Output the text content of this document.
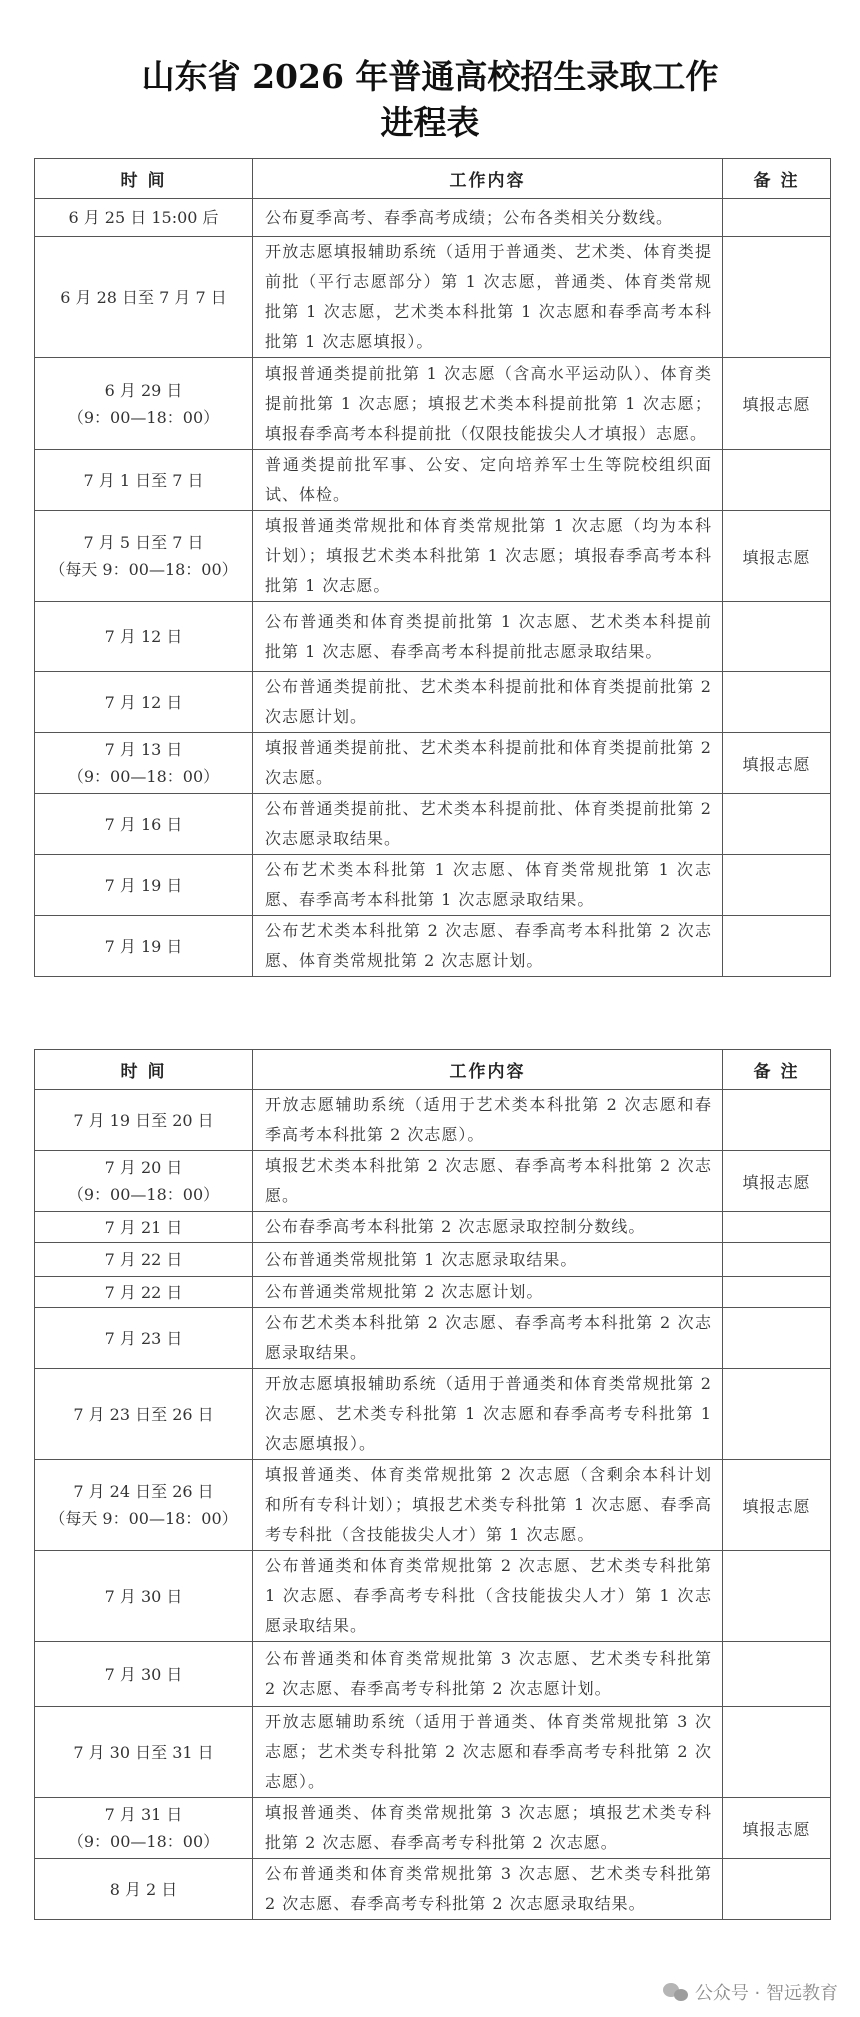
山东省 2026 年普通高校招生录取工作
进程表
时 间	工作内容	备 注

6 月 25 日 15:00 后	公布夏季高考、春季高考成绩；公布各类相关分数线。	

6 月 28 日至 7 月 7 日	开放志愿填报辅助系统（适用于普通类、艺术类、体育类提前批（平行志愿部分）第 1 次志愿，普通类、体育类常规批第 1 次志愿，艺术类本科批第 1 次志愿和春季高考本科批第 1 次志愿填报）。	

6 月 29 日
（9：00—18：00）	填报普通类提前批第 1 次志愿（含高水平运动队）、体育类提前批第 1 次志愿；填报艺术类本科提前批第 1 次志愿；填报春季高考本科提前批（仅限技能拔尖人才填报）志愿。	填报志愿

7 月 1 日至 7 日	普通类提前批军事、公安、定向培养军士生等院校组织面试、体检。	

7 月 5 日至 7 日
（每天 9：00—18：00）	填报普通类常规批和体育类常规批第 1 次志愿（均为本科计划）；填报艺术类本科批第 1 次志愿；填报春季高考本科批第 1 次志愿。	填报志愿

7 月 12 日	公布普通类和体育类提前批第 1 次志愿、艺术类本科提前批第 1 次志愿、春季高考本科提前批志愿录取结果。	

7 月 12 日	公布普通类提前批、艺术类本科提前批和体育类提前批第 2 次志愿计划。	

7 月 13 日
（9：00—18：00）	填报普通类提前批、艺术类本科提前批和体育类提前批第 2 次志愿。	填报志愿

7 月 16 日	公布普通类提前批、艺术类本科提前批、体育类提前批第 2 次志愿录取结果。	

7 月 19 日	公布艺术类本科批第 1 次志愿、体育类常规批第 1 次志愿、春季高考本科批第 1 次志愿录取结果。	

7 月 19 日	公布艺术类本科批第 2 次志愿、春季高考本科批第 2 次志愿、体育类常规批第 2 次志愿计划。	
时 间	工作内容	备 注

7 月 19 日至 20 日	开放志愿辅助系统（适用于艺术类本科批第 2 次志愿和春季高考本科批第 2 次志愿）。	

7 月 20 日
（9：00—18：00）	填报艺术类本科批第 2 次志愿、春季高考本科批第 2 次志愿。	填报志愿

7 月 21 日	公布春季高考本科批第 2 次志愿录取控制分数线。	

7 月 22 日	公布普通类常规批第 1 次志愿录取结果。	

7 月 22 日	公布普通类常规批第 2 次志愿计划。	

7 月 23 日	公布艺术类本科批第 2 次志愿、春季高考本科批第 2 次志愿录取结果。	

7 月 23 日至 26 日	开放志愿填报辅助系统（适用于普通类和体育类常规批第 2 次志愿、艺术类专科批第 1 次志愿和春季高考专科批第 1 次志愿填报）。	

7 月 24 日至 26 日
（每天 9：00—18：00）	填报普通类、体育类常规批第 2 次志愿（含剩余本科计划和所有专科计划）；填报艺术类专科批第 1 次志愿、春季高考专科批（含技能拔尖人才）第 1 次志愿。	填报志愿

7 月 30 日	公布普通类和体育类常规批第 2 次志愿、艺术类专科批第 1 次志愿、春季高考专科批（含技能拔尖人才）第 1 次志愿录取结果。	

7 月 30 日	公布普通类和体育类常规批第 3 次志愿、艺术类专科批第 2 次志愿、春季高考专科批第 2 次志愿计划。	

7 月 30 日至 31 日	开放志愿辅助系统（适用于普通类、体育类常规批第 3 次志愿；艺术类专科批第 2 次志愿和春季高考专科批第 2 次志愿）。	

7 月 31 日
（9：00—18：00）	填报普通类、体育类常规批第 3 次志愿；填报艺术类专科批第 2 次志愿、春季高考专科批第 2 次志愿。	填报志愿

8 月 2 日	公布普通类和体育类常规批第 3 次志愿、艺术类专科批第 2 次志愿、春季高考专科批第 2 次志愿录取结果。	
公众号 · 智远教育
